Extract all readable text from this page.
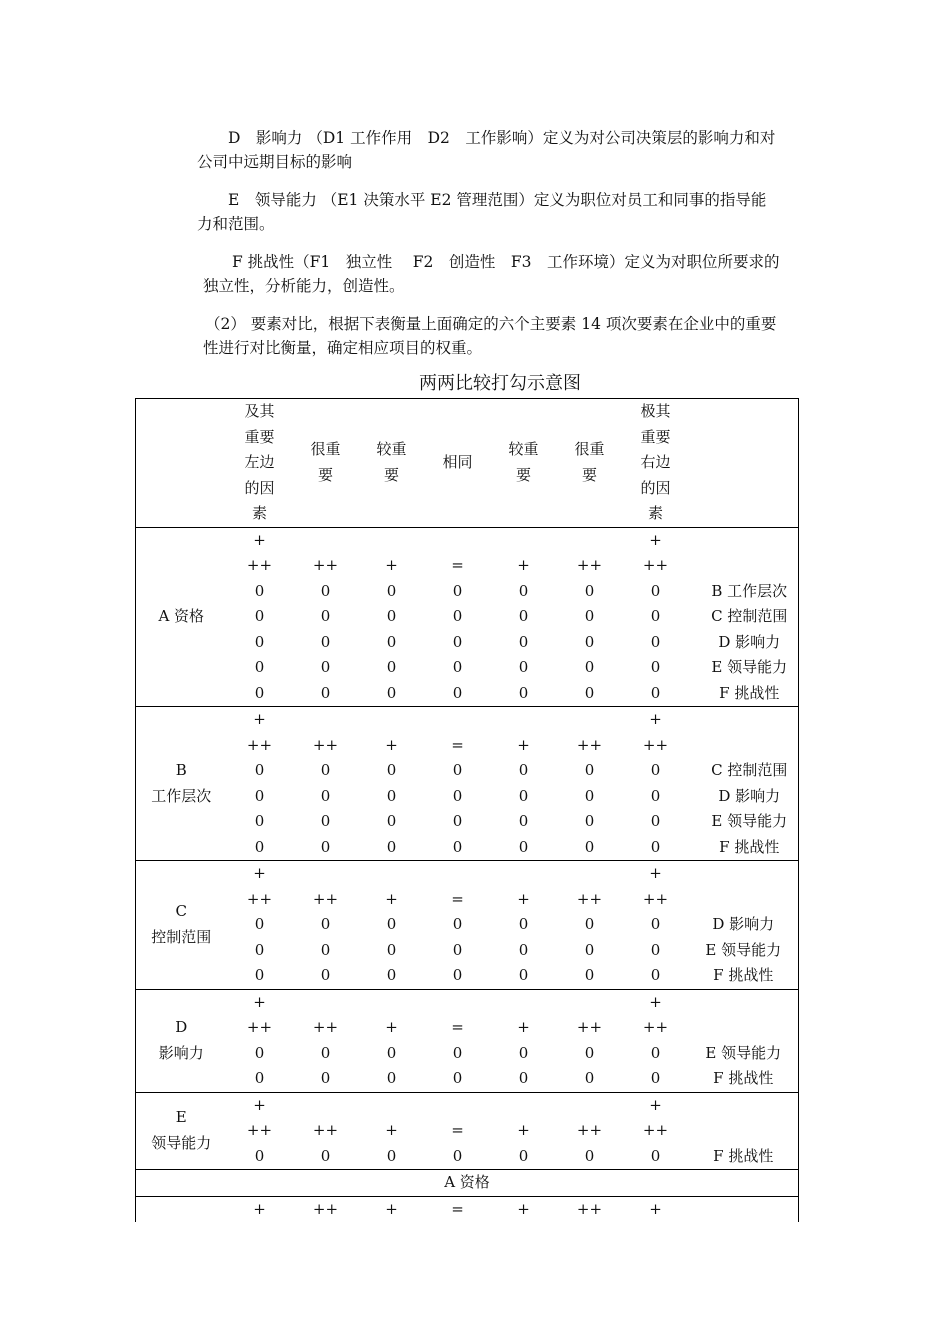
D　影响力 （D1 工作作用　D2　工作影响）定义为对公司决策层的影响力和对
公司中远期目标的影响

E　领导能力 （E1 决策水平 E2 管理范围）定义为职位对员工和同事的指导能
力和范围。

F 挑战性（F1　独立性　 F2　创造性　F3　工作环境）定义为对职位所要求的
独立性，分析能力，创造性。

（2） 要素对比，根据下表衡量上面确定的六个主要素 14 项次要素在企业中的重要
性进行对比衡量，确定相应项目的权重。

两两比较打勾示意图
	及其重要左边的因素	很重要	较重要	相同	较重要	很重要	极其重要右边的因素	
A 资格	+						+	
	++	++	+	=	+	++	++	
	0	0	0	0	0	0	0	B 工作层次
	0	0	0	0	0	0	0	C 控制范围
	0	0	0	0	0	0	0	D 影响力
	0	0	0	0	0	0	0	E 领导能力
	0	0	0	0	0	0	0	F 挑战性
B
工作层次	+						+	
	++	++	+	=	+	++	++	
	0	0	0	0	0	0	0	C 控制范围
	0	0	0	0	0	0	0	D 影响力
	0	0	0	0	0	0	0	E 领导能力
	0	0	0	0	0	0	0	F 挑战性
C
控制范围	+						+	
	++	++	+	=	+	++	++	
	0	0	0	0	0	0	0	D 影响力
	0	0	0	0	0	0	0	E 领导能力
	0	0	0	0	0	0	0	F 挑战性
D
影响力	+						+	
	++	++	+	=	+	++	++	
	0	0	0	0	0	0	0	E 领导能力
	0	0	0	0	0	0	0	F 挑战性
E
领导能力	+						+	
	++	++	+	=	+	++	++	
	0	0	0	0	0	0	0	F 挑战性
A 资格								
	+	++	+	=	+	++	+	
